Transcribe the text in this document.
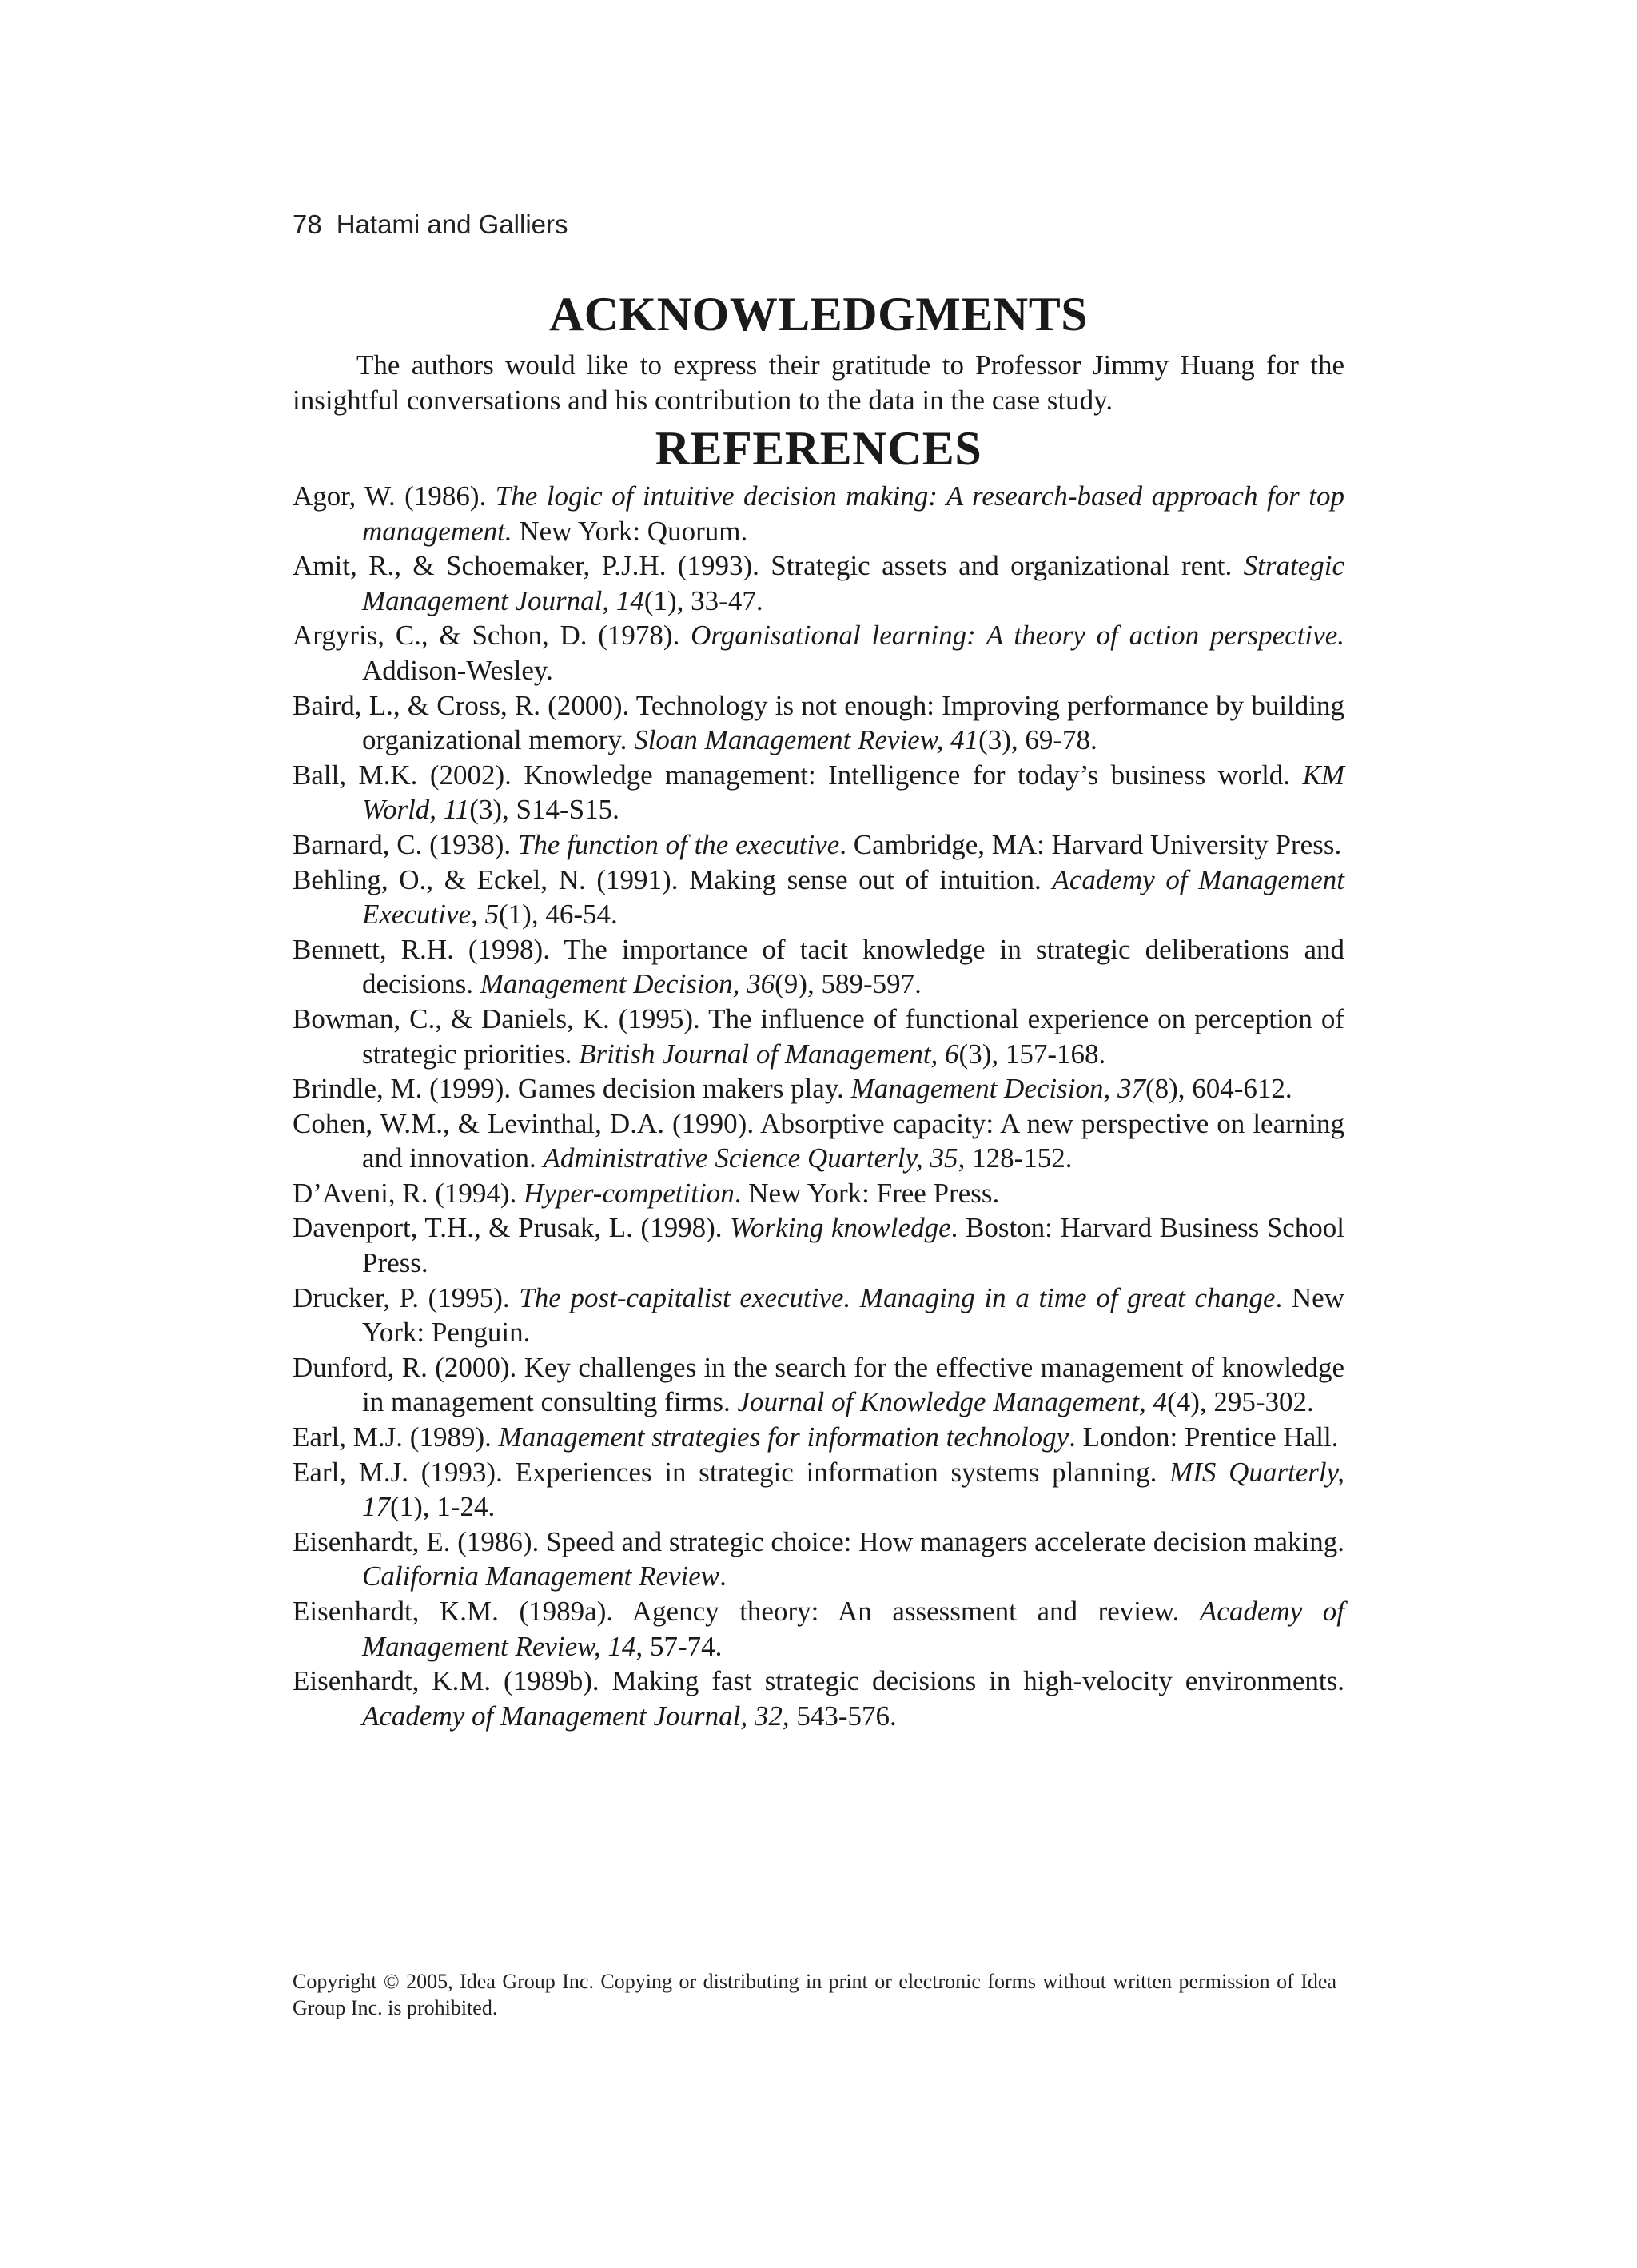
78 Hatami and Galliers
ACKNOWLEDGMENTS

The authors would like to express their gratitude to Professor Jimmy Huang for the insightful conversations and his contribution to the data in the case study.

REFERENCES
Agor, W. (1986). The logic of intuitive decision making: A research-based approach for top management. New York: Quorum.
Amit, R., & Schoemaker, P.J.H. (1993). Strategic assets and organizational rent. Strategic Management Journal, 14(1), 33-47.
Argyris, C., & Schon, D. (1978). Organisational learning: A theory of action perspective. Addison-Wesley.
Baird, L., & Cross, R. (2000). Technology is not enough: Improving performance by building organizational memory. Sloan Management Review, 41(3), 69-78.
Ball, M.K. (2002). Knowledge management: Intelligence for today’s business world. KM World, 11(3), S14-S15.
Barnard, C. (1938). The function of the executive. Cambridge, MA: Harvard University Press.
Behling, O., & Eckel, N. (1991). Making sense out of intuition. Academy of Management Executive, 5(1), 46-54.
Bennett, R.H. (1998). The importance of tacit knowledge in strategic deliberations and decisions. Management Decision, 36(9), 589-597.
Bowman, C., & Daniels, K. (1995). The influence of functional experience on perception of strategic priorities. British Journal of Management, 6(3), 157-168.
Brindle, M. (1999). Games decision makers play. Management Decision, 37(8), 604-612.
Cohen, W.M., & Levinthal, D.A. (1990). Absorptive capacity: A new perspective on learning and innovation. Administrative Science Quarterly, 35, 128-152.
D’Aveni, R. (1994). Hyper-competition. New York: Free Press.
Davenport, T.H., & Prusak, L. (1998). Working knowledge. Boston: Harvard Business School Press.
Drucker, P. (1995). The post-capitalist executive. Managing in a time of great change. New York: Penguin.
Dunford, R. (2000). Key challenges in the search for the effective management of knowledge in management consulting firms. Journal of Knowledge Management, 4(4), 295-302.
Earl, M.J. (1989). Management strategies for information technology. London: Prentice Hall.
Earl, M.J. (1993). Experiences in strategic information systems planning. MIS Quarterly, 17(1), 1-24.
Eisenhardt, E. (1986). Speed and strategic choice: How managers accelerate decision making. California Management Review.
Eisenhardt, K.M. (1989a). Agency theory: An assessment and review. Academy of Management Review, 14, 57-74.
Eisenhardt, K.M. (1989b). Making fast strategic decisions in high-velocity environments. Academy of Management Journal, 32, 543-576.
Copyright © 2005, Idea Group Inc. Copying or distributing in print or electronic forms without written permission of Idea Group Inc. is prohibited.
